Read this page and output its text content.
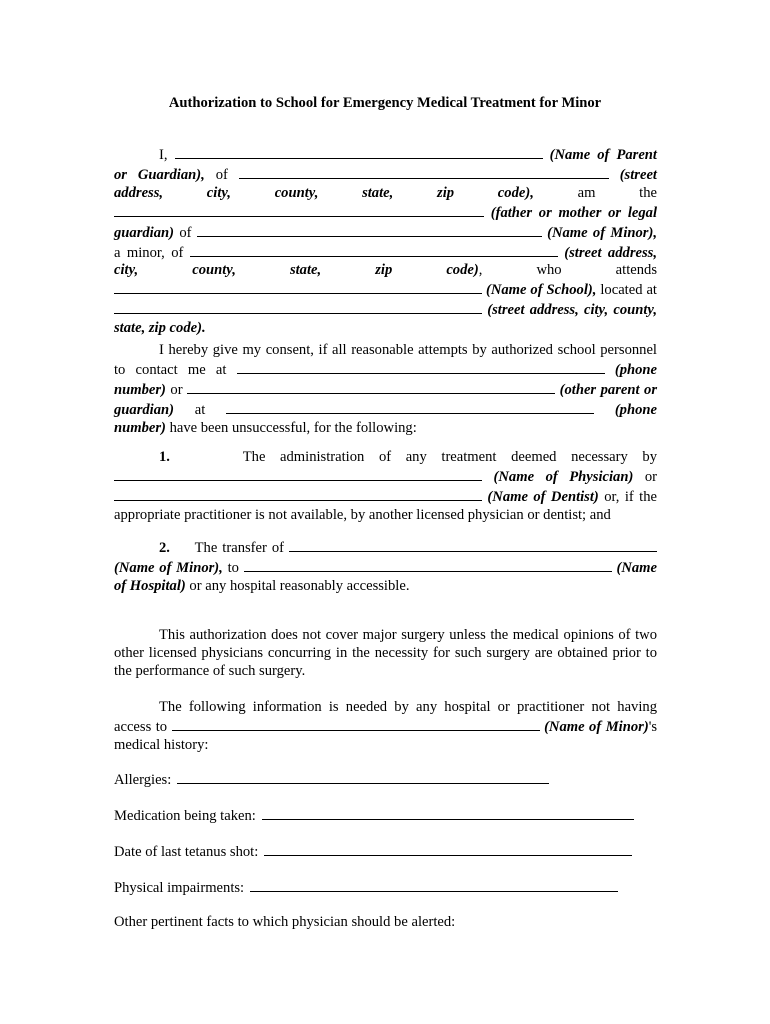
Authorization to School for Emergency Medical Treatment for Minor

I,	(Name of Parent or Guardian), of	(street address, city, county, state, zip code),	am the  (father or mother or legal guardian) of	(Name of Minor), a minor, of	(street address, city, county, state, zip code), who attends  (Name of School), located at  (street address, city, county, state, zip code).

I hereby give my consent, if all reasonable attempts by authorized school personnel to contact me at	(phone number) or	(other parent or guardian) at	(phone number) have been unsuccessful, for the following:

1.	The administration of any treatment deemed necessary by  (Name of Physician) or  (Name of Dentist) or, if the appropriate practitioner is not available, by another licensed physician or dentist; and

2. The transfer of  (Name of Minor), to	(Name of Hospital) or any hospital reasonably accessible.

This authorization does not cover major surgery unless the medical opinions of two other licensed physicians concurring in the necessity for such surgery are obtained prior to the performance of such surgery.

The following information is needed by any hospital or practitioner not having access to	(Name of Minor)'s medical history:

Allergies:
Medication being taken:
Date of last tetanus shot:
Physical impairments:
Other pertinent facts to which physician should be alerted:
